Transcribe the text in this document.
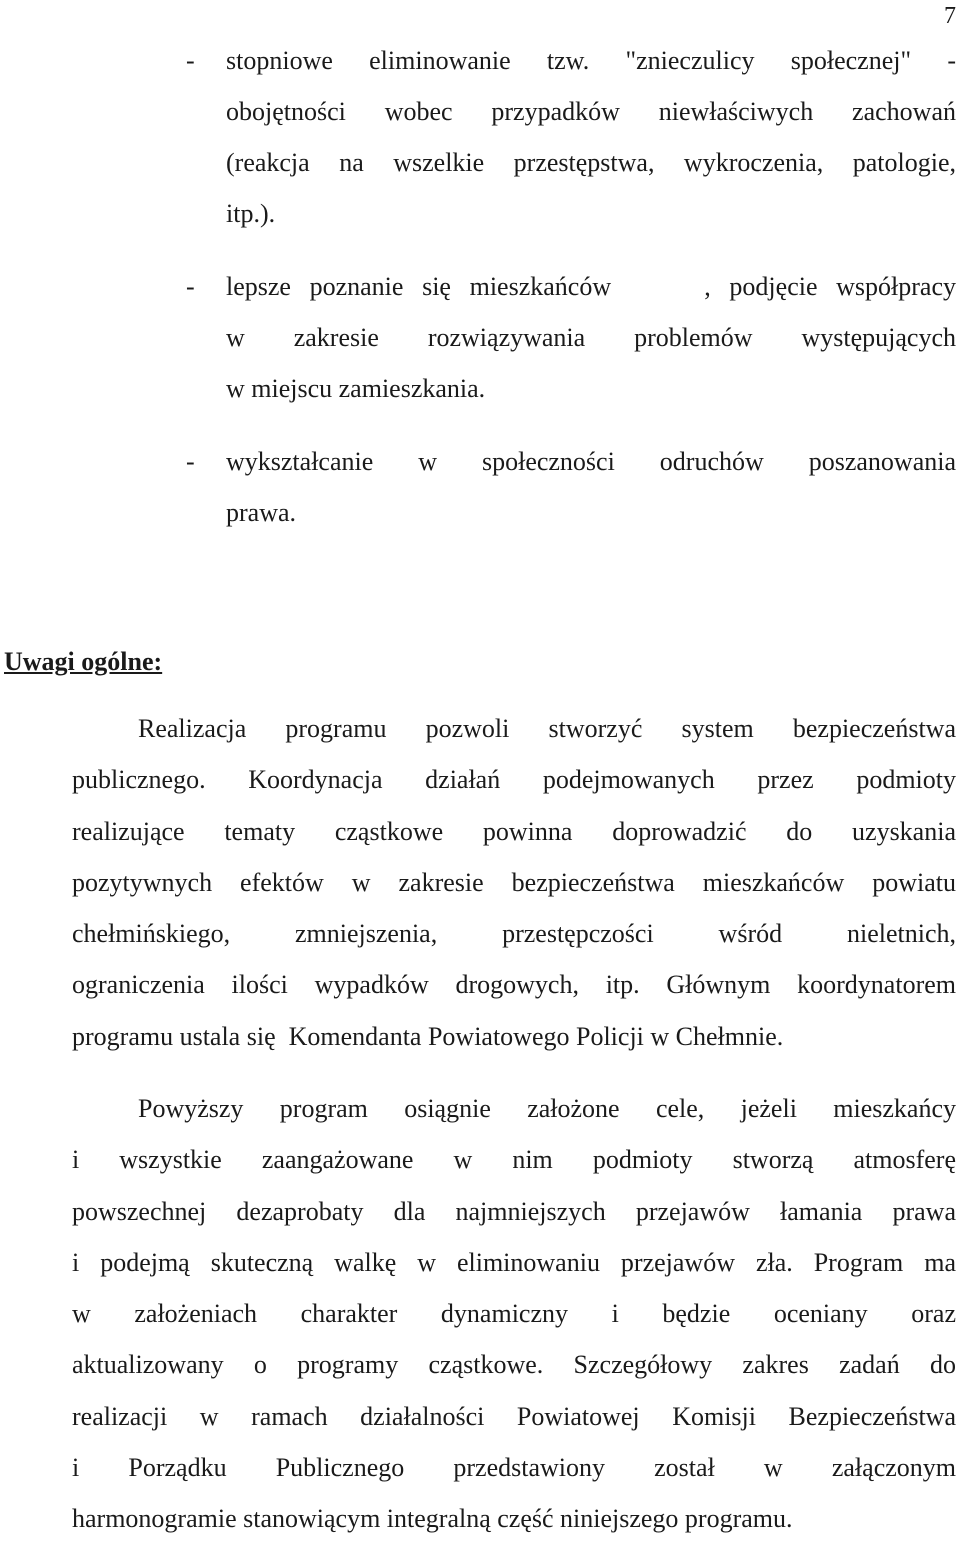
7
- stopniowe eliminowanie tzw. "znieczulicy społecznej" -
obojętności wobec przypadków niewłaściwych zachowań
(reakcja na wszelkie przestępstwa, wykroczenia, patologie,
itp.).
- lepsze poznanie się mieszkańców     , podjęcie współpracy
w zakresie rozwiązywania problemów występujących
w miejscu zamieszkania.
- wykształcanie w społeczności odruchów poszanowania
prawa.
Uwagi ogólne:
Realizacja programu pozwoli stworzyć system bezpieczeństwa
publicznego. Koordynacja działań podejmowanych przez podmioty
realizujące tematy cząstkowe powinna doprowadzić do uzyskania
pozytywnych efektów w zakresie bezpieczeństwa mieszkańców powiatu
chełmińskiego, zmniejszenia, przestępczości wśród nieletnich,
ograniczenia ilości wypadków drogowych, itp. Głównym koordynatorem
programu ustala się  Komendanta Powiatowego Policji w Chełmnie.
Powyższy program osiągnie założone cele, jeżeli mieszkańcy
i wszystkie zaangażowane w nim podmioty stworzą atmosferę
powszechnej dezaprobaty dla najmniejszych przejawów łamania prawa
i podejmą skuteczną walkę w eliminowaniu przejawów zła. Program ma
w założeniach charakter dynamiczny i będzie oceniany oraz
aktualizowany o programy cząstkowe. Szczegółowy zakres zadań do
realizacji w ramach działalności Powiatowej Komisji Bezpieczeństwa
i Porządku Publicznego przedstawiony został w załączonym
harmonogramie stanowiącym integralną część niniejszego programu.
